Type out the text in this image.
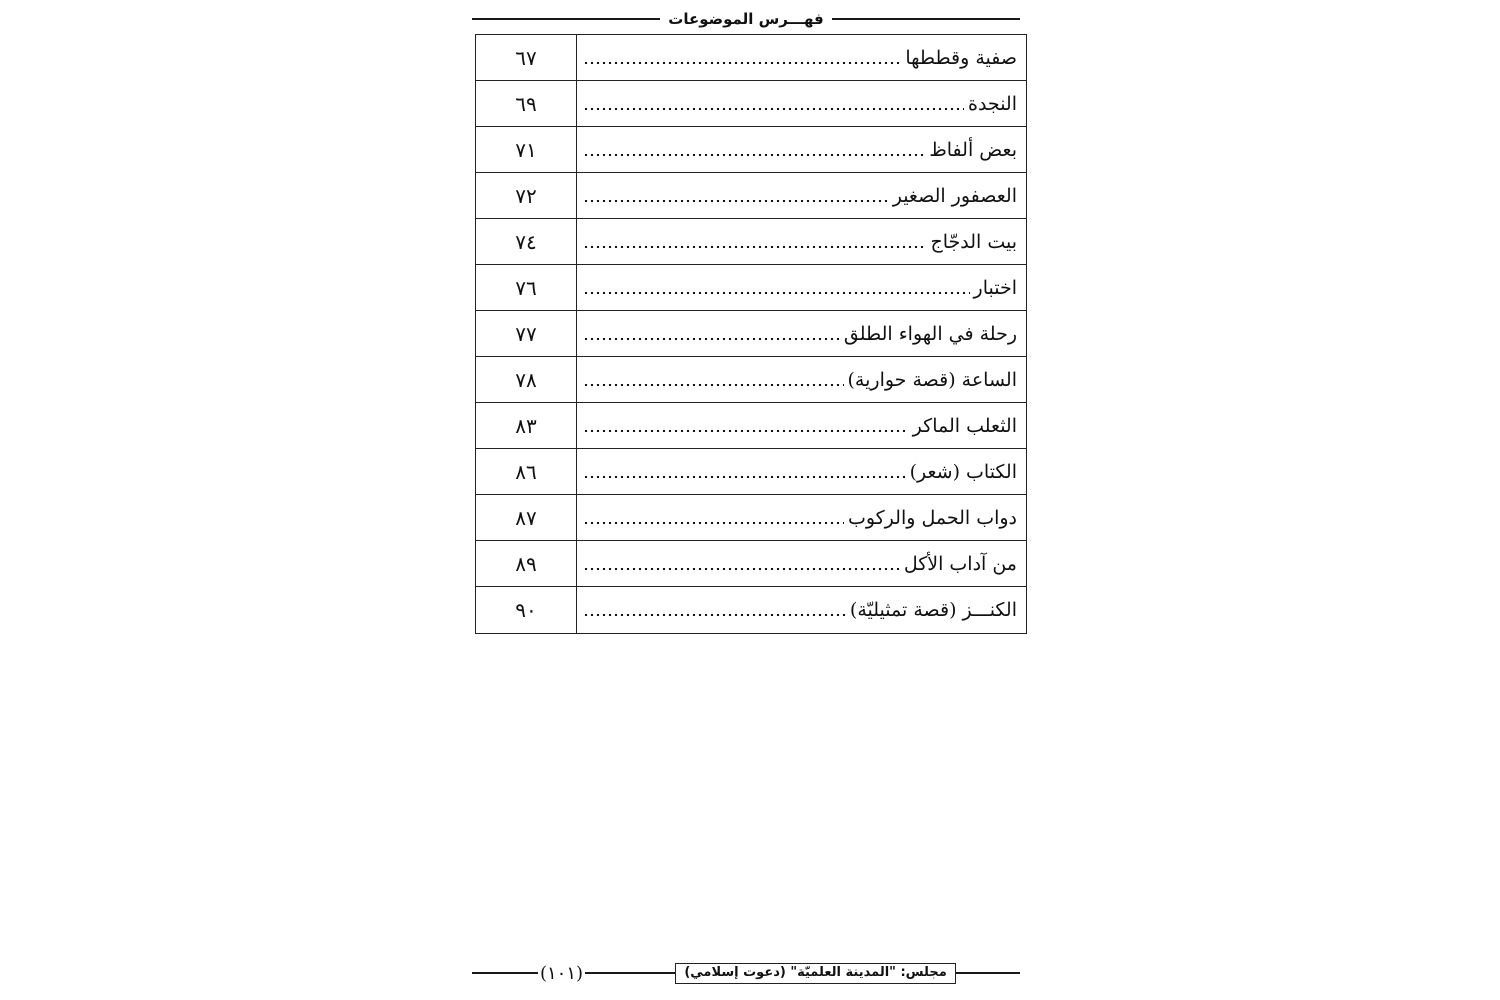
فهـــرس الموضوعات
صفية وقططها
٦٧
النجدة
٦٩
بعض ألفاظ
٧١
العصفور الصغير
٧٢
بيت الدجّاج
٧٤
اختبار
٧٦
رحلة في الهواء الطلق
٧٧
الساعة (قصة حوارية)
٧٨
الثعلب الماكر
٨٣
الكتاب (شعر)
٨٦
دواب الحمل والركوب
٨٧
من آداب الأكل
٨٩
الكنـــز (قصة تمثيليّة)
٩٠
مجلس: "المدينة العلميّة" (دعوت إسلامي)
(١٠١)
